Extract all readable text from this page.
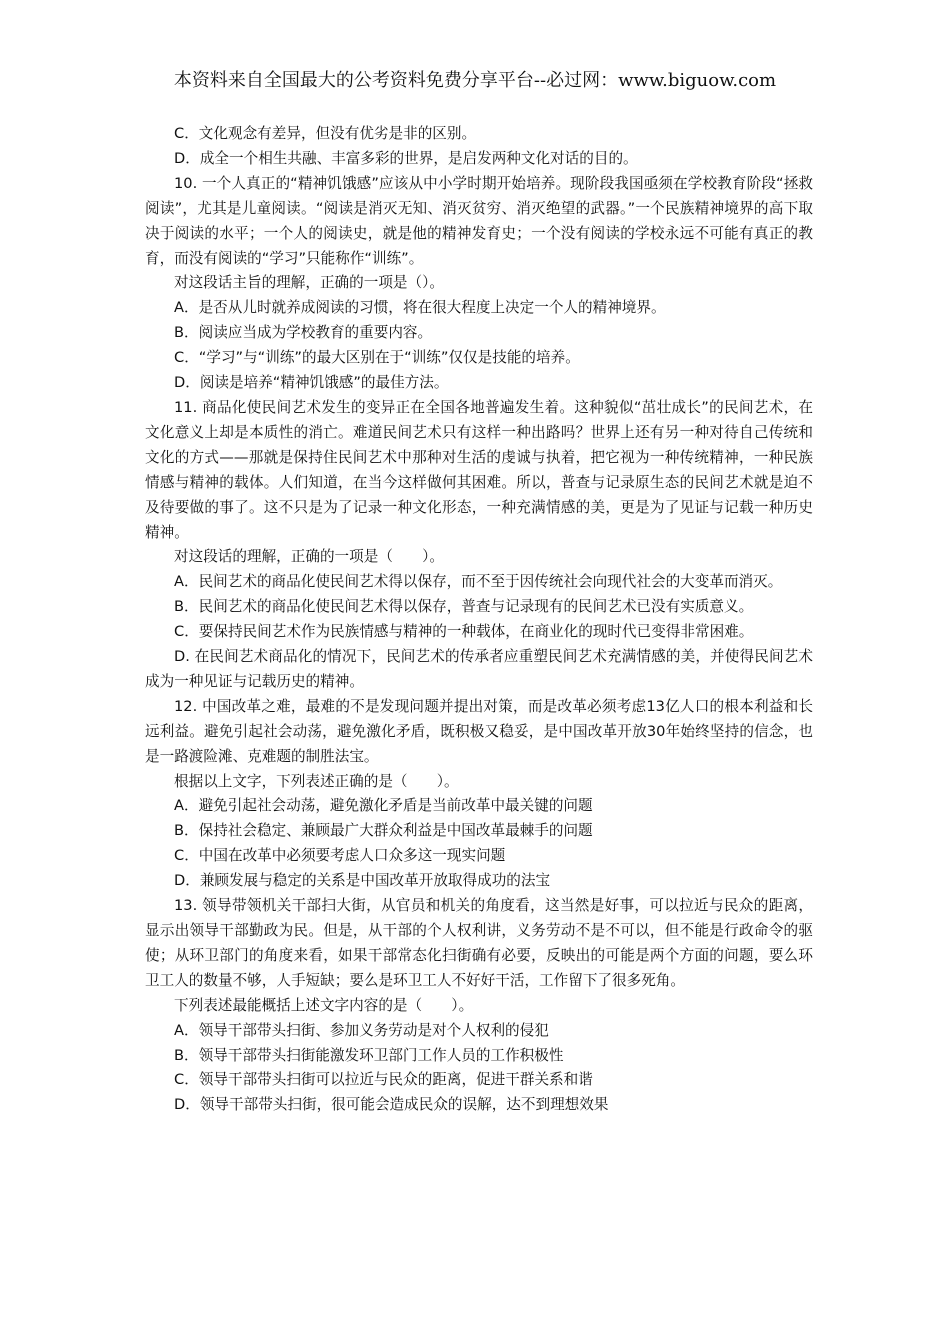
本资料来自全国最大的公考资料免费分享平台--必过网：www.biguow.com

C．文化观念有差异，但没有优劣是非的区别。

D．成全一个相生共融、丰富多彩的世界，是启发两种文化对话的目的。

10. 一个人真正的“精神饥饿感”应该从中小学时期开始培养。现阶段我国亟须在学校教育阶段“拯救阅读”，尤其是儿童阅读。“阅读是消灭无知、消灭贫穷、消灭绝望的武器。”一个民族精神境界的高下取决于阅读的水平；一个人的阅读史，就是他的精神发育史；一个没有阅读的学校永远不可能有真正的教育，而没有阅读的“学习”只能称作“训练”。

对这段话主旨的理解，正确的一项是（）。

A．是否从儿时就养成阅读的习惯，将在很大程度上决定一个人的精神境界。

B．阅读应当成为学校教育的重要内容。

C．“学习”与“训练”的最大区别在于“训练”仅仅是技能的培养。

D．阅读是培养“精神饥饿感”的最佳方法。

11. 商品化使民间艺术发生的变异正在全国各地普遍发生着。这种貌似“茁壮成长”的民间艺术，在文化意义上却是本质性的消亡。难道民间艺术只有这样一种出路吗？世界上还有另一种对待自己传统和文化的方式——那就是保持住民间艺术中那种对生活的虔诚与执着，把它视为一种传统精神，一种民族情感与精神的载体。人们知道，在当今这样做何其困难。所以，普查与记录原生态的民间艺术就是迫不及待要做的事了。这不只是为了记录一种文化形态，一种充满情感的美，更是为了见证与记载一种历史精神。

对这段话的理解，正确的一项是（　　）。

A．民间艺术的商品化使民间艺术得以保存，而不至于因传统社会向现代社会的大变革而消灭。

B．民间艺术的商品化使民间艺术得以保存，普查与记录现有的民间艺术已没有实质意义。

C．要保持民间艺术作为民族情感与精神的一种载体，在商业化的现时代已变得非常困难。

D. 在民间艺术商品化的情况下，民间艺术的传承者应重塑民间艺术充满情感的美，并使得民间艺术成为一种见证与记载历史的精神。

12. 中国改革之难，最难的不是发现问题并提出对策，而是改革必须考虑13亿人口的根本利益和长远利益。避免引起社会动荡，避免激化矛盾，既积极又稳妥，是中国改革开放30年始终坚持的信念，也是一路渡险滩、克难题的制胜法宝。

根据以上文字，下列表述正确的是（　　）。

A．避免引起社会动荡，避免激化矛盾是当前改革中最关键的问题

B．保持社会稳定、兼顾最广大群众利益是中国改革最棘手的问题

C．中国在改革中必须要考虑人口众多这一现实问题

D．兼顾发展与稳定的关系是中国改革开放取得成功的法宝

13. 领导带领机关干部扫大街，从官员和机关的角度看，这当然是好事，可以拉近与民众的距离，显示出领导干部勤政为民。但是，从干部的个人权利讲，义务劳动不是不可以，但不能是行政命令的驱使；从环卫部门的角度来看，如果干部常态化扫街确有必要，反映出的可能是两个方面的问题，要么环卫工人的数量不够，人手短缺；要么是环卫工人不好好干活，工作留下了很多死角。

下列表述最能概括上述文字内容的是（　　）。

A．领导干部带头扫街、参加义务劳动是对个人权利的侵犯

B．领导干部带头扫街能激发环卫部门工作人员的工作积极性

C．领导干部带头扫街可以拉近与民众的距离，促进干群关系和谐

D．领导干部带头扫街，很可能会造成民众的误解，达不到理想效果
